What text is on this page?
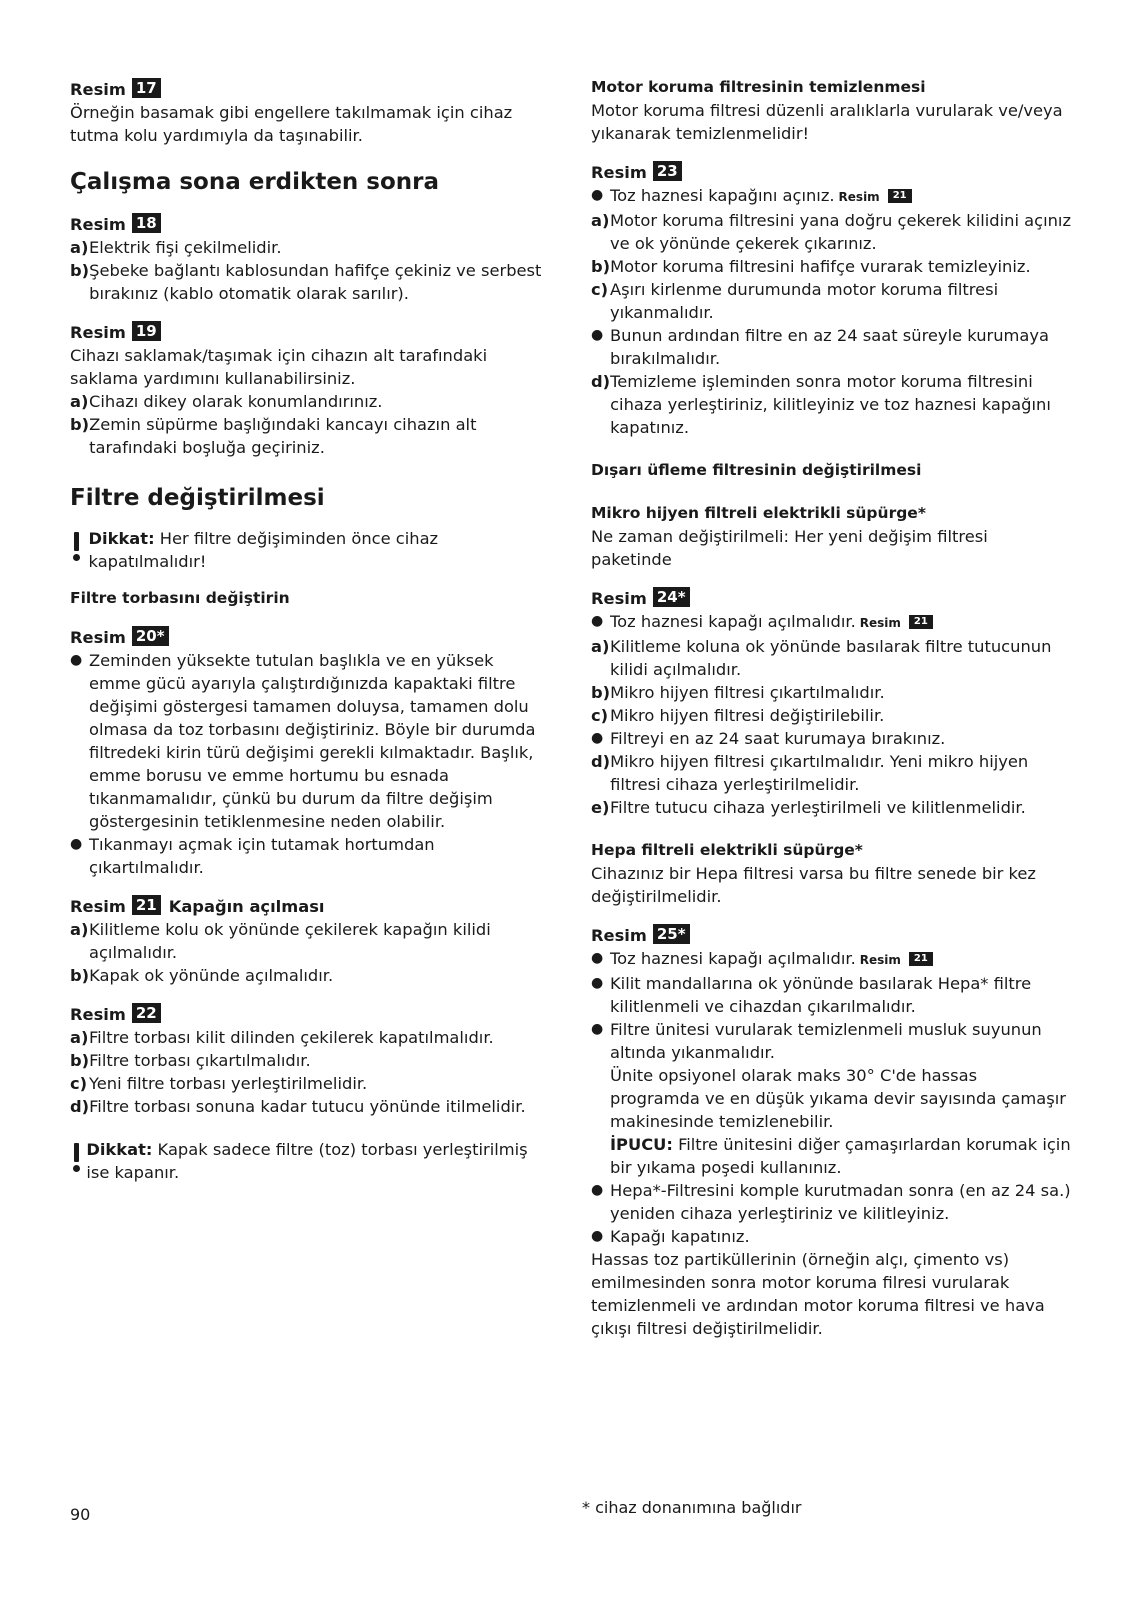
Resim 17

Örneğin basamak gibi engellere takılmamak için cihaz tutma kolu yardımıyla da taşınabilir.

Çalışma sona erdikten sonra
Resim 18
a) Elektrik fişi çekilmelidir.
b) Şebeke bağlantı kablosundan hafifçe çekiniz ve serbest bırakınız (kablo otomatik olarak sarılır).
Resim 19

Cihazı saklamak/taşımak için cihazın alt tarafındaki saklama yardımını kullanabilirsiniz.

a) Cihazı dikey olarak konumlandırınız.
b) Zemin süpürme başlığındaki kancayı cihazın alt tarafındaki boşluğa geçiriniz.
Filtre değiştirilmesi
Dikkat: Her filtre değişiminden önce cihaz kapatılmalıdır!
Filtre torbasını değiştirin
Resim 20*
● Zeminden yüksekte tutulan başlıkla ve en yüksek emme gücü ayarıyla çalıştırdığınızda kapaktaki filtre değişimi göstergesi tamamen doluysa, tamamen dolu olmasa da toz torbasını değiştiriniz. Böyle bir durumda filtredeki kirin türü değişimi gerekli kılmaktadır. Başlık, emme borusu ve emme hortumu bu esnada tıkanmamalıdır, çünkü bu durum da filtre değişim göstergesinin tetiklenmesine neden olabilir.
● Tıkanmayı açmak için tutamak hortumdan çıkartılmalıdır.
Resim 21 Kapağın açılması
a) Kilitleme kolu ok yönünde çekilerek kapağın kilidi açılmalıdır.
b) Kapak ok yönünde açılmalıdır.
Resim 22
a) Filtre torbası kilit dilinden çekilerek kapatılmalıdır.
b) Filtre torbası çıkartılmalıdır.
c) Yeni filtre torbası yerleştirilmelidir.
d) Filtre torbası sonuna kadar tutucu yönünde itilmelidir.
Dikkat: Kapak sadece filtre (toz) torbası yerleştirilmiş ise kapanır.
Motor koruma filtresinin temizlenmesi

Motor koruma filtresi düzenli aralıklarla vurularak ve/veya yıkanarak temizlenmelidir!

Resim 23
● Toz haznesi kapağını açınız. Resim 21
a) Motor koruma filtresini yana doğru çekerek kilidini açınız ve ok yönünde çekerek çıkarınız.
b) Motor koruma filtresini hafifçe vurarak temizleyiniz.
c) Aşırı kirlenme durumunda motor koruma filtresi yıkanmalıdır.
● Bunun ardından filtre en az 24 saat süreyle kurumaya bırakılmalıdır.
d) Temizleme işleminden sonra motor koruma filtresini cihaza yerleştiriniz, kilitleyiniz ve toz haznesi kapağını kapatınız.
Dışarı üfleme filtresinin değiştirilmesi
Mikro hijyen filtreli elektrikli süpürge*

Ne zaman değiştirilmeli: Her yeni değişim filtresi paketinde

Resim 24*
● Toz haznesi kapağı açılmalıdır. Resim 21
a) Kilitleme koluna ok yönünde basılarak filtre tutucunun kilidi açılmalıdır.
b) Mikro hijyen filtresi çıkartılmalıdır.
c) Mikro hijyen filtresi değiştirilebilir.
● Filtreyi en az 24 saat kurumaya bırakınız.
d) Mikro hijyen filtresi çıkartılmalıdır. Yeni mikro hijyen filtresi cihaza yerleştirilmelidir.
e) Filtre tutucu cihaza yerleştirilmeli ve kilitlenmelidir.
Hepa filtreli elektrikli süpürge*

Cihazınız bir Hepa filtresi varsa bu filtre senede bir kez değiştirilmelidir.

Resim 25*
● Toz haznesi kapağı açılmalıdır. Resim 21
● Kilit mandallarına ok yönünde basılarak Hepa* filtre kilitlenmeli ve cihazdan çıkarılmalıdır.
● Filtre ünitesi vurularak temizlenmeli musluk suyunun altında yıkanmalıdır.

Ünite opsiyonel olarak maks 30° C'de hassas programda ve en düşük yıkama devir sayısında çamaşır makinesinde temizlenebilir.

İPUCU: Filtre ünitesini diğer çamaşırlardan korumak için bir yıkama poşedi kullanınız.

● Hepa*-Filtresini komple kurutmadan sonra (en az 24 sa.) yeniden cihaza yerleştiriniz ve kilitleyiniz.
● Kapağı kapatınız.

Hassas toz partiküllerinin (örneğin alçı, çimento vs) emilmesinden sonra motor koruma filresi vurularak temizlenmeli ve ardından motor koruma filtresi ve hava çıkışı filtresi değiştirilmelidir.

90	* cihaz donanımına bağlıdır
